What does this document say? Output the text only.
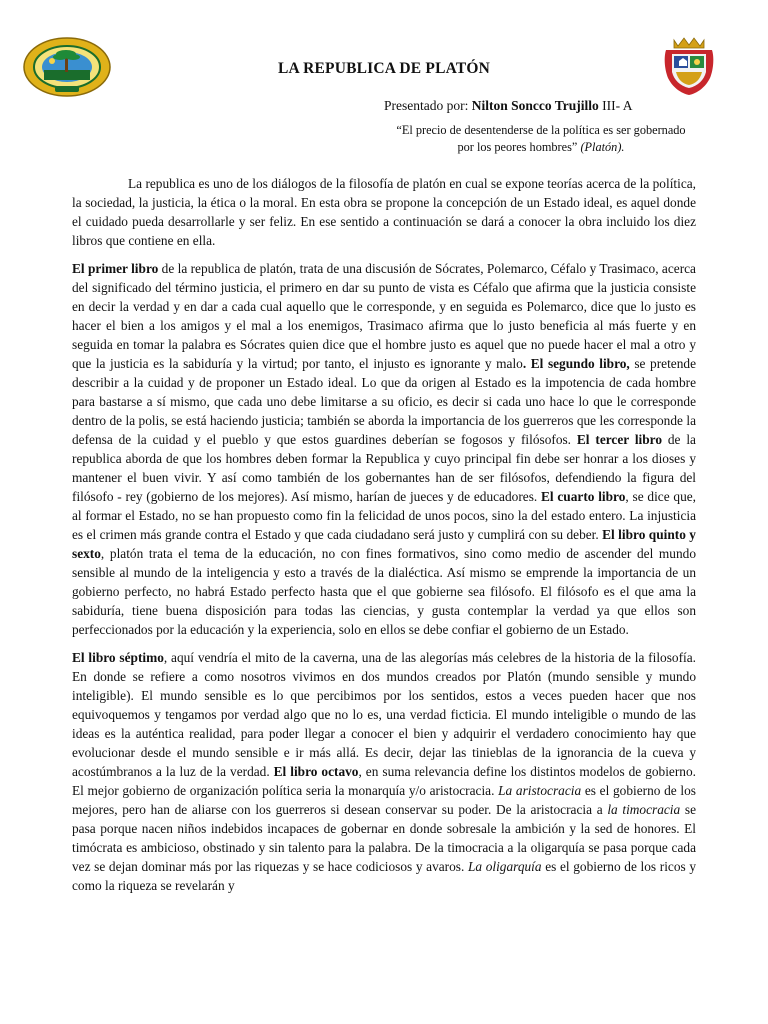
LA REPUBLICA DE PLATÓN
Presentado por: Nilton Soncco Trujillo III- A
“El precio de desentenderse de la política es ser gobernado por los peores hombres” (Platón).

La republica es uno de los diálogos de la filosofía de platón en cual se expone teorías acerca de la política, la sociedad, la justicia, la ética o la moral. En esta obra se propone la concepción de un Estado ideal, es aquel donde el cuidado pueda desarrollarle y ser feliz. En ese sentido a continuación se dará a conocer la obra incluido los diez libros que contiene en ella.

El primer libro de la republica de platón, trata de una discusión de Sócrates, Polemarco, Céfalo y Trasimaco, acerca del significado del término justicia, el primero en dar su punto de vista es Céfalo que afirma que la justicia consiste en decir la verdad y en dar a cada cual aquello que le corresponde, y en seguida es Polemarco, dice que lo justo es hacer el bien a los amigos y el mal a los enemigos, Trasimaco afirma que lo justo beneficia al más fuerte y en seguida en tomar la palabra es Sócrates quien dice que el hombre justo es aquel que no puede hacer el mal a otro y que la justicia es la sabiduría y la virtud; por tanto, el injusto es ignorante y malo. El segundo libro, se pretende describir a la cuidad y de proponer un Estado ideal. Lo que da origen al Estado es la impotencia de cada hombre para bastarse a sí mismo, que cada uno debe limitarse a su oficio, es decir si cada uno hace lo que le corresponde dentro de la polis, se está haciendo justicia; también se aborda la importancia de los guerreros que les corresponde la defensa de la cuidad y el pueblo y que estos guardines deberían se fogosos y filósofos. El tercer libro de la republica aborda de que los hombres deben formar la Republica y cuyo principal fin debe ser honrar a los dioses y mantener el buen vivir. Y así como también de los gobernantes han de ser filósofos, defendiendo la figura del filósofo - rey (gobierno de los mejores). Así mismo, harían de jueces y de educadores. El cuarto libro, se dice que, al formar el Estado, no se han propuesto como fin la felicidad de unos pocos, sino la del estado entero. La injusticia es el crimen más grande contra el Estado y que cada ciudadano será justo y cumplirá con su deber. El libro quinto y sexto, platón trata el tema de la educación, no con fines formativos, sino como medio de ascender del mundo sensible al mundo de la inteligencia y esto a través de la dialéctica. Así mismo se emprende la importancia de un gobierno perfecto, no habrá Estado perfecto hasta que el que gobierne sea filósofo. El filósofo es el que ama la sabiduría, tiene buena disposición para todas las ciencias, y gusta contemplar la verdad ya que ellos son perfeccionados por la educación y la experiencia, solo en ellos se debe confiar el gobierno de un Estado.

El libro séptimo, aquí vendría el mito de la caverna, una de las alegorías más celebres de la historia de la filosofía. En donde se refiere a como nosotros vivimos en dos mundos creados por Platón (mundo sensible y mundo inteligible). El mundo sensible es lo que percibimos por los sentidos, estos a veces pueden hacer que nos equivoquemos y tengamos por verdad algo que no lo es, una verdad ficticia. El mundo inteligible o mundo de las ideas es la auténtica realidad, para poder llegar a conocer el bien y adquirir el verdadero conocimiento hay que evolucionar desde el mundo sensible e ir más allá. Es decir, dejar las tinieblas de la ignorancia de la cueva y acostúmbranos a la luz de la verdad. El libro octavo, en suma relevancia define los distintos modelos de gobierno. El mejor gobierno de organización política seria la monarquía y/o aristocracia. La aristocracia es el gobierno de los mejores, pero han de aliarse con los guerreros si desean conservar su poder. De la aristocracia a la timocracia se pasa porque nacen niños indebidos incapaces de gobernar en donde sobresale la ambición y la sed de honores. El timócrata es ambicioso, obstinado y sin talento para la palabra. De la timocracia a la oligarquía se pasa porque cada vez se dejan dominar más por las riquezas y se hace codiciosos y avaros. La oligarquía es el gobierno de los ricos y como la riqueza se revelarán y
